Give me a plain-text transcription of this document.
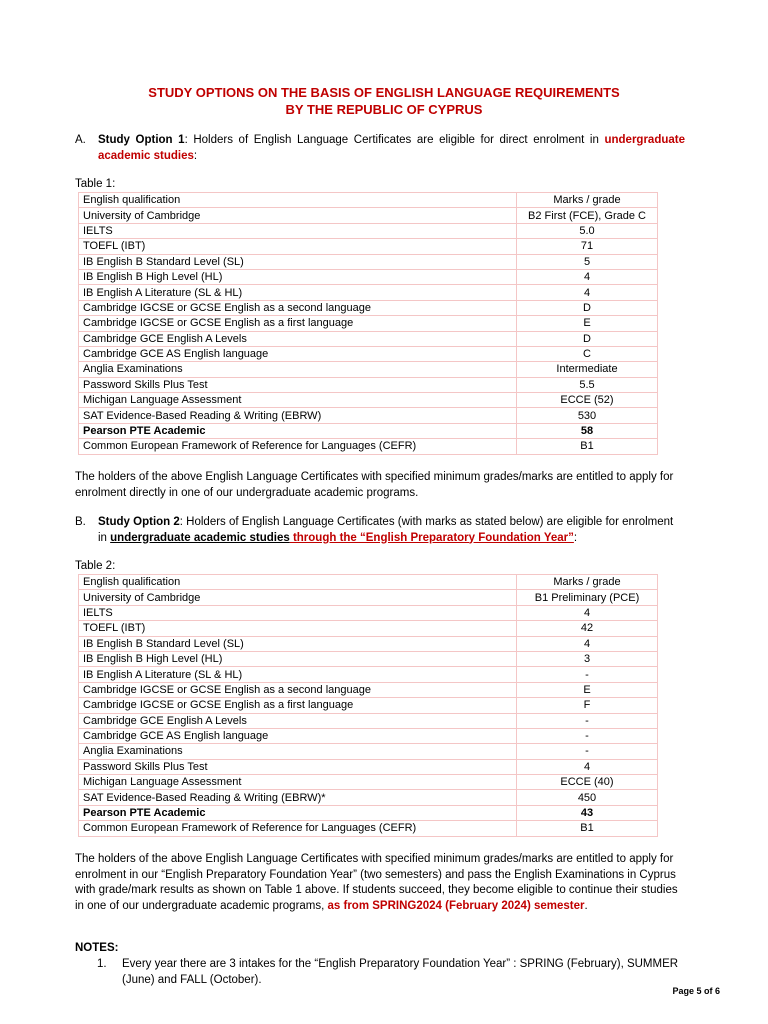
STUDY OPTIONS ON THE BASIS OF ENGLISH LANGUAGE REQUIREMENTS
BY THE REPUBLIC OF CYPRUS
A. Study Option 1: Holders of English Language Certificates are eligible for direct enrolment in undergraduate academic studies:
Table 1:
English qualification	Marks / grade
University of Cambridge	B2 First (FCE), Grade C
IELTS	5.0
TOEFL (IBT)	71
IB English B Standard Level (SL)	5
IB English B High Level (HL)	4
IB English A Literature (SL & HL)	4
Cambridge IGCSE or GCSE English as a second language	D
Cambridge IGCSE or GCSE English as a first language	E
Cambridge GCE English A Levels	D
Cambridge GCE AS English language	C
Anglia Examinations	Intermediate
Password Skills Plus Test	5.5
Michigan Language Assessment	ECCE (52)
SAT Evidence-Based Reading & Writing (EBRW)	530
Pearson PTE Academic	58
Common European Framework of Reference for Languages (CEFR)	B1
The holders of the above English Language Certificates with specified minimum grades/marks are entitled to apply for enrolment directly in one of our undergraduate academic programs.
B. Study Option 2: Holders of English Language Certificates (with marks as stated below) are eligible for enrolment in undergraduate academic studies through the “English Preparatory Foundation Year”:
Table 2:
English qualification	Marks / grade
University of Cambridge	B1 Preliminary (PCE)
IELTS	4
TOEFL (IBT)	42
IB English B Standard Level (SL)	4
IB English B High Level (HL)	3
IB English A Literature (SL & HL)	-
Cambridge IGCSE or GCSE English as a second language	E
Cambridge IGCSE or GCSE English as a first language	F
Cambridge GCE English A Levels	-
Cambridge GCE AS English language	-
Anglia Examinations	-
Password Skills Plus Test	4
Michigan Language Assessment	ECCE (40)
SAT Evidence-Based Reading & Writing (EBRW)*	450
Pearson PTE Academic	43
Common European Framework of Reference for Languages (CEFR)	B1
The holders of the above English Language Certificates with specified minimum grades/marks are entitled to apply for enrolment in our “English Preparatory Foundation Year” (two semesters) and pass the English Examinations in Cyprus with grade/mark results as shown on Table 1 above. If students succeed, they become eligible to continue their studies in one of our undergraduate academic programs, as from SPRING2024 (February 2024) semester.
NOTES:
1. Every year there are 3 intakes for the “English Preparatory Foundation Year” : SPRING (February), SUMMER (June) and FALL (October).
Page 5 of 6
